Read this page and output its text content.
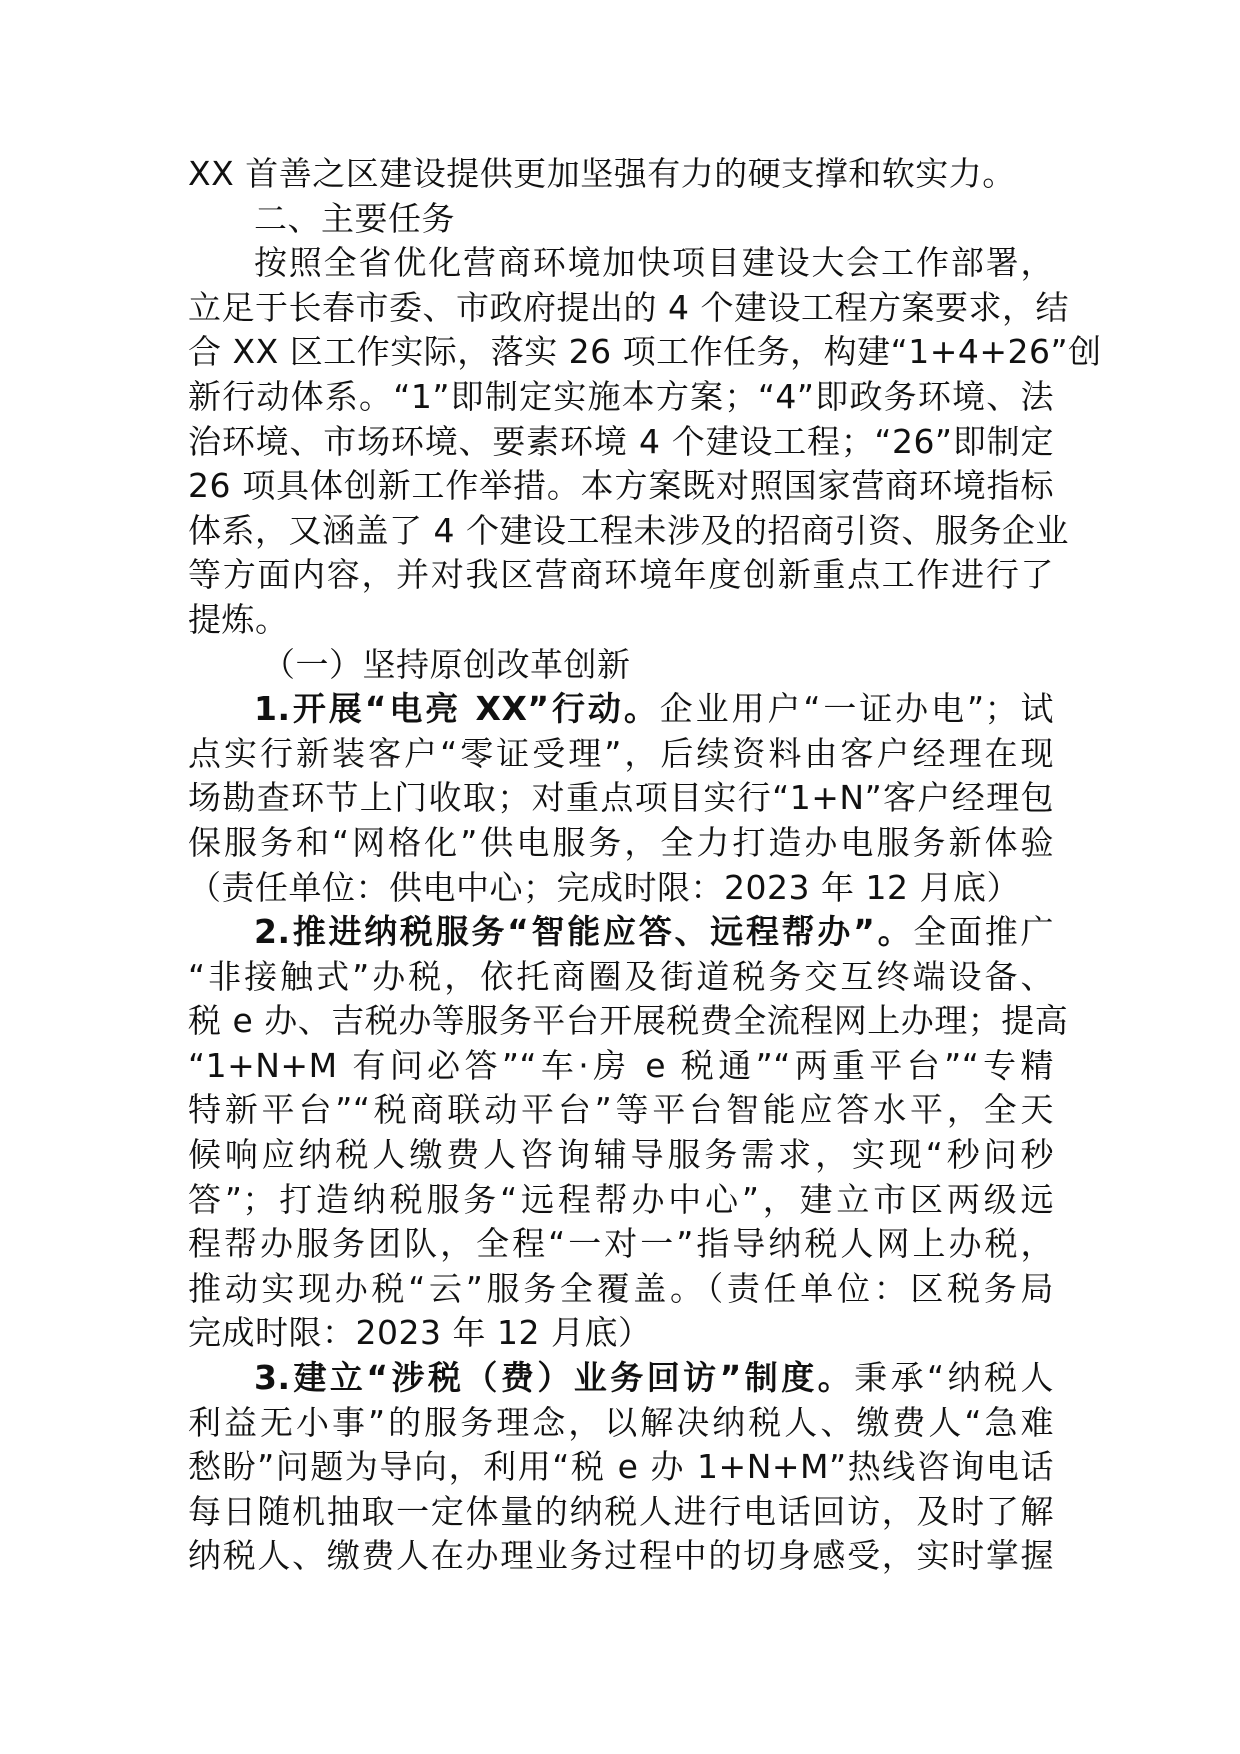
XX 首善之区建设提供更加坚强有力的硬支撑和软实力。
二、主要任务
按照全省优化营商环境加快项目建设大会工作部署，
立足于长春市委、市政府提出的 4 个建设工程方案要求，结
合 XX 区工作实际，落实 26 项工作任务，构建“1+4+26”创
新行动体系。“1”即制定实施本方案；“4”即政务环境、法
治环境、市场环境、要素环境 4 个建设工程；“26”即制定
26 项具体创新工作举措。本方案既对照国家营商环境指标
体系，又涵盖了 4 个建设工程未涉及的招商引资、服务企业
等方面内容，并对我区营商环境年度创新重点工作进行了
提炼。
（一）坚持原创改革创新
1.开展“电亮 XX”行动。企业用户“一证办电”；试
点实行新装客户“零证受理”，后续资料由客户经理在现
场勘查环节上门收取；对重点项目实行“1+N”客户经理包
保服务和“网格化”供电服务，全力打造办电服务新体验
（责任单位：供电中心；完成时限：2023 年 12 月底）
2.推进纳税服务“智能应答、远程帮办”。全面推广
“非接触式”办税，依托商圈及街道税务交互终端设备、
税 e 办、吉税办等服务平台开展税费全流程网上办理；提高
“1+N+M 有问必答”“车·房 e 税通”“两重平台”“专精
特新平台”“税商联动平台”等平台智能应答水平，全天
候响应纳税人缴费人咨询辅导服务需求，实现“秒问秒
答”；打造纳税服务“远程帮办中心”，建立市区两级远
程帮办服务团队，全程“一对一”指导纳税人网上办税，
推动实现办税“云”服务全覆盖。（责任单位：区税务局
完成时限：2023 年 12 月底）
3.建立“涉税（费）业务回访”制度。秉承“纳税人
利益无小事”的服务理念，以解决纳税人、缴费人“急难
愁盼”问题为导向，利用“税 e 办 1+N+M”热线咨询电话
每日随机抽取一定体量的纳税人进行电话回访，及时了解
纳税人、缴费人在办理业务过程中的切身感受，实时掌握
